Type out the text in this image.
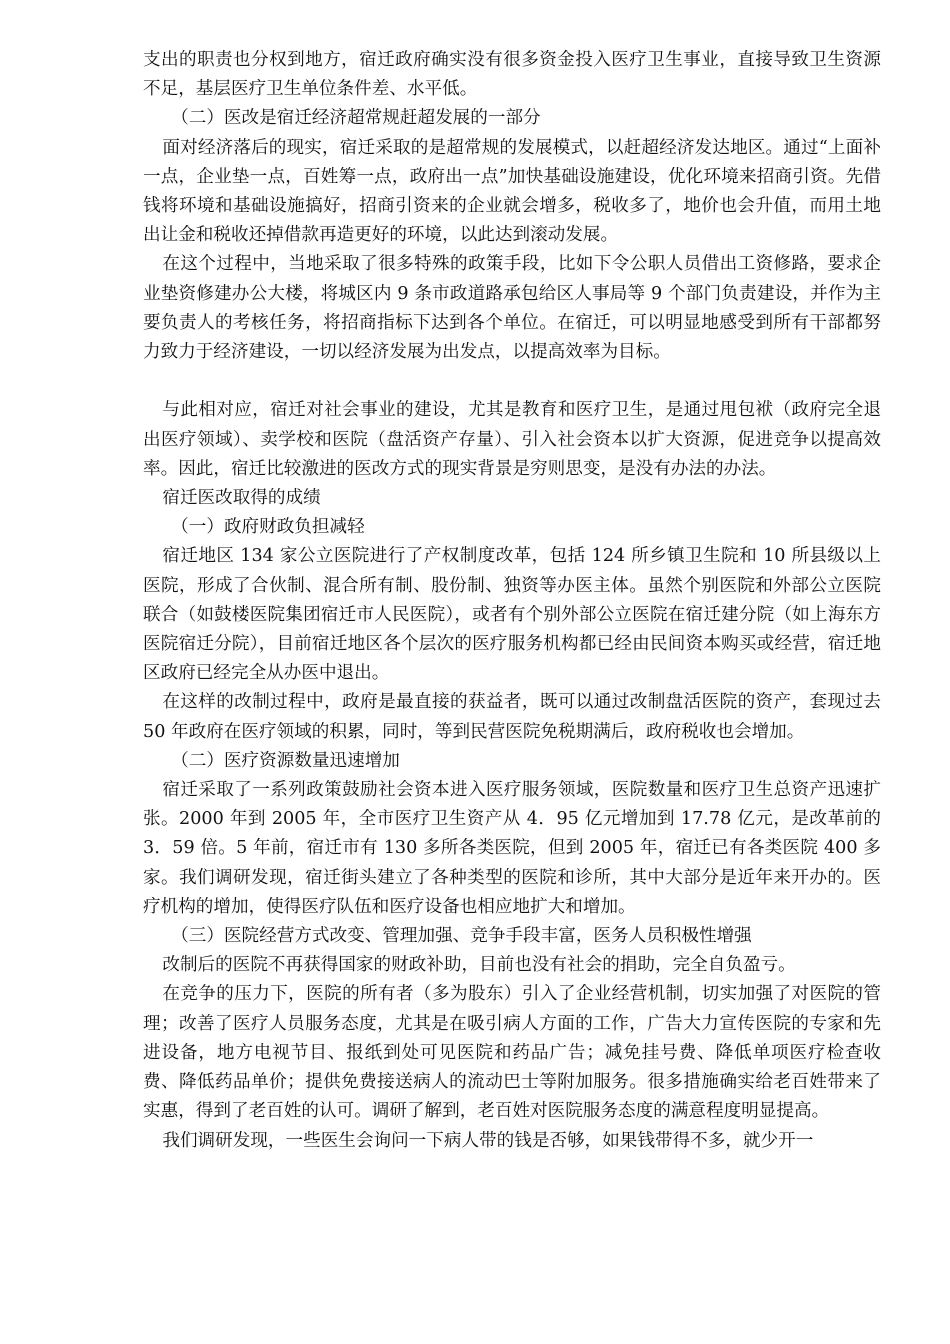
支出的职责也分权到地方，宿迁政府确实没有很多资金投入医疗卫生事业，直接导致卫生资源不足，基层医疗卫生单位条件差、水平低。

（二）医改是宿迁经济超常规赶超发展的一部分

面对经济落后的现实，宿迁采取的是超常规的发展模式，以赶超经济发达地区。通过“上面补一点，企业垫一点，百姓筹一点，政府出一点”加快基础设施建设，优化环境来招商引资。先借钱将环境和基础设施搞好，招商引资来的企业就会增多，税收多了，地价也会升值，而用土地出让金和税收还掉借款再造更好的环境，以此达到滚动发展。

在这个过程中，当地采取了很多特殊的政策手段，比如下令公职人员借出工资修路，要求企业垫资修建办公大楼，将城区内 9 条市政道路承包给区人事局等 9 个部门负责建设，并作为主要负责人的考核任务，将招商指标下达到各个单位。在宿迁，可以明显地感受到所有干部都努力致力于经济建设，一切以经济发展为出发点，以提高效率为目标。

与此相对应，宿迁对社会事业的建设，尤其是教育和医疗卫生，是通过甩包袱（政府完全退出医疗领域）、卖学校和医院（盘活资产存量）、引入社会资本以扩大资源，促进竞争以提高效率。因此，宿迁比较激进的医改方式的现实背景是穷则思变，是没有办法的办法。

宿迁医改取得的成绩

（一）政府财政负担减轻

宿迁地区 134 家公立医院进行了产权制度改革，包括 124 所乡镇卫生院和 10 所县级以上医院，形成了合伙制、混合所有制、股份制、独资等办医主体。虽然个别医院和外部公立医院联合（如鼓楼医院集团宿迁市人民医院），或者有个别外部公立医院在宿迁建分院（如上海东方医院宿迁分院），目前宿迁地区各个层次的医疗服务机构都已经由民间资本购买或经营，宿迁地区政府已经完全从办医中退出。

在这样的改制过程中，政府是最直接的获益者，既可以通过改制盘活医院的资产，套现过去 50 年政府在医疗领域的积累，同时，等到民营医院免税期满后，政府税收也会增加。

（二）医疗资源数量迅速增加

宿迁采取了一系列政策鼓励社会资本进入医疗服务领域，医院数量和医疗卫生总资产迅速扩张。2000 年到 2005 年，全市医疗卫生资产从 4．95 亿元增加到 17.78 亿元，是改革前的 3．59 倍。5 年前，宿迁市有 130 多所各类医院，但到 2005 年，宿迁已有各类医院 400 多家。我们调研发现，宿迁街头建立了各种类型的医院和诊所，其中大部分是近年来开办的。医疗机构的增加，使得医疗队伍和医疗设备也相应地扩大和增加。

（三）医院经营方式改变、管理加强、竞争手段丰富，医务人员积极性增强

改制后的医院不再获得国家的财政补助，目前也没有社会的捐助，完全自负盈亏。

在竞争的压力下，医院的所有者（多为股东）引入了企业经营机制，切实加强了对医院的管理；改善了医疗人员服务态度，尤其是在吸引病人方面的工作，广告大力宣传医院的专家和先进设备，地方电视节目、报纸到处可见医院和药品广告；减免挂号费、降低单项医疗检查收费、降低药品单价；提供免费接送病人的流动巴士等附加服务。很多措施确实给老百姓带来了实惠，得到了老百姓的认可。调研了解到，老百姓对医院服务态度的满意程度明显提高。

我们调研发现，一些医生会询问一下病人带的钱是否够，如果钱带得不多，就少开一
